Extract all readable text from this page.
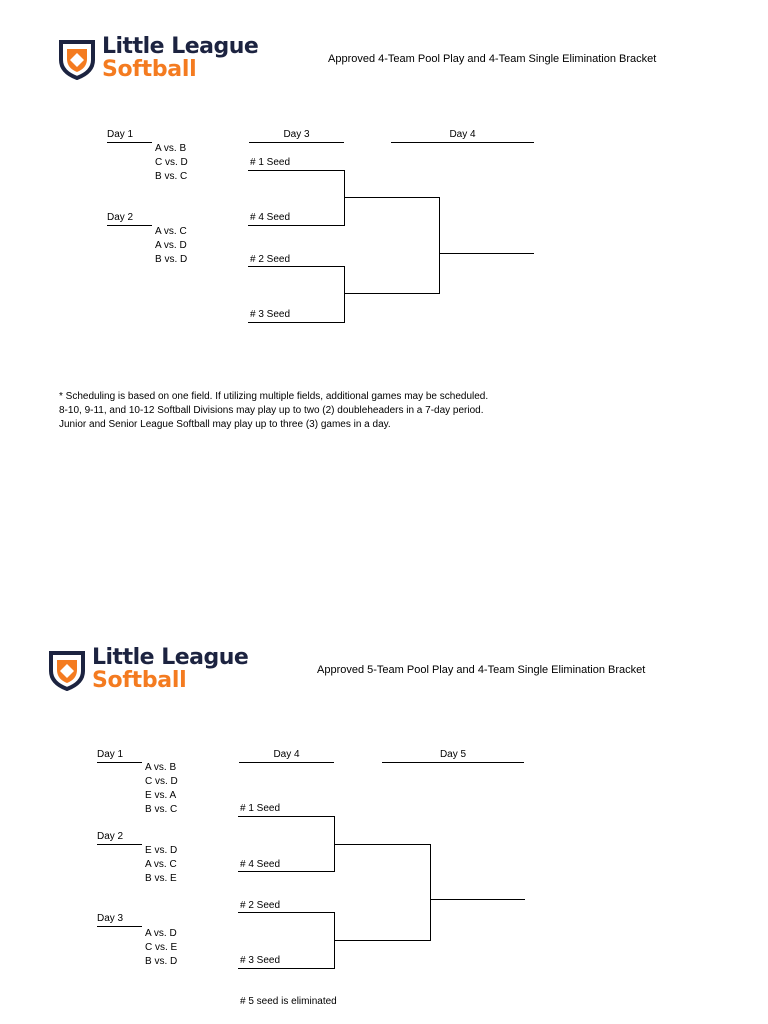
Little League
Softball	Approved 4-Team Pool Play and 4-Team Single Elimination Bracket
Day 1
A vs. B
C vs. D
B vs. C
Day 2
A vs. C
A vs. D
B vs. D
Day 3	Day 4
# 1 Seed
# 4 Seed
# 2 Seed
# 3 Seed
* Scheduling is based on one field. If utilizing multiple fields, additional games may be scheduled.
8-10, 9-11, and 10-12 Softball Divisions may play up to two (2) doubleheaders in a 7-day period.
Junior and Senior League Softball may play up to three (3) games in a day.
Little League
Softball	Approved 5-Team Pool Play and 4-Team Single Elimination Bracket
Day 1
A vs. B
C vs. D
E vs. A
B vs. C
Day 2
E vs. D
A vs. C
B vs. E
Day 3
A vs. D
C vs. E
B vs. D
Day 4	Day 5
# 1 Seed
# 4 Seed
# 2 Seed
# 3 Seed
# 5 seed is eliminated
